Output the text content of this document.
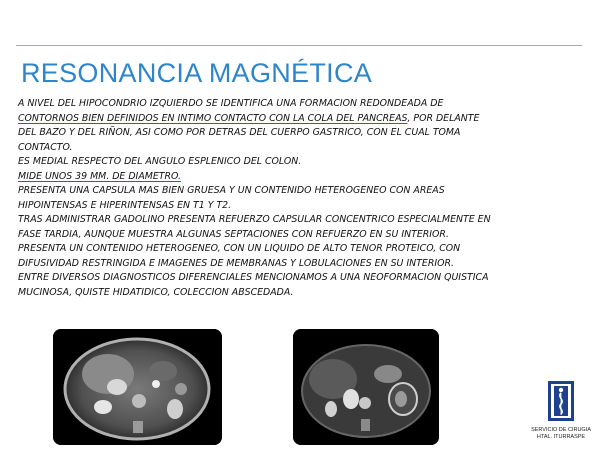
RESONANCIA MAGNÉTICA
A NIVEL DEL HIPOCONDRIO IZQUIERDO SE IDENTIFICA UNA FORMACION REDONDEADA DE
CONTORNOS BIEN DEFINIDOS EN INTIMO CONTACTO CON LA COLA DEL PANCREAS, POR DELANTE
DEL BAZO Y DEL RIÑON, ASI COMO POR DETRAS DEL CUERPO GASTRICO, CON EL CUAL TOMA
CONTACTO.
ES MEDIAL RESPECTO DEL ANGULO ESPLENICO DEL COLON.
MIDE UNOS 39 MM. DE DIAMETRO.
PRESENTA UNA CAPSULA MAS BIEN GRUESA Y UN CONTENIDO HETEROGENEO CON AREAS
HIPOINTENSAS E HIPERINTENSAS EN T1 Y T2.
TRAS ADMINISTRAR GADOLINO PRESENTA REFUERZO CAPSULAR CONCENTRICO ESPECIALMENTE EN
FASE TARDIA, AUNQUE MUESTRA ALGUNAS SEPTACIONES CON REFUERZO EN SU INTERIOR.
PRESENTA UN CONTENIDO HETEROGENEO, CON UN LIQUIDO DE ALTO TENOR PROTEICO, CON
DIFUSIVIDAD RESTRINGIDA E IMAGENES DE MEMBRANAS Y LOBULACIONES EN SU INTERIOR.
ENTRE DIVERSOS DIAGNOSTICOS DIFERENCIALES MENCIONAMOS A UNA NEOFORMACION QUISTICA
MUCINOSA, QUISTE HIDATIDICO, COLECCION ABSCEDADA.
SERVICIO DE CIRUGIA
HTAL. ITURRASPE
